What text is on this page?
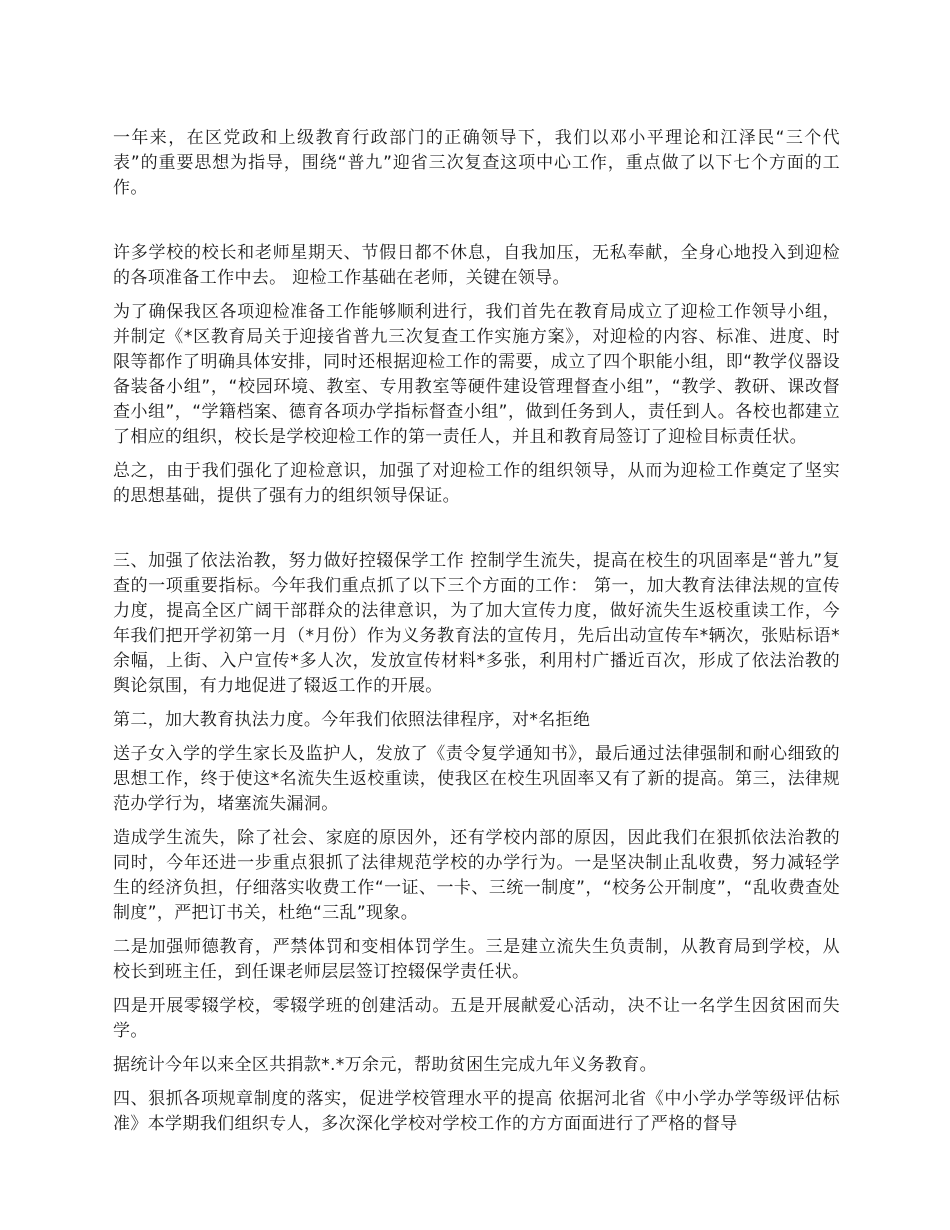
一年来，在区党政和上级教育行政部门的正确领导下，我们以邓小平理论和江泽民“三个代表”的重要思想为指导，围绕“普九”迎省三次复查这项中心工作，重点做了以下七个方面的工作。

许多学校的校长和老师星期天、节假日都不休息，自我加压，无私奉献，全身心地投入到迎检的各项准备工作中去。 迎检工作基础在老师，关键在领导。

为了确保我区各项迎检准备工作能够顺利进行，我们首先在教育局成立了迎检工作领导小组，并制定《*区教育局关于迎接省普九三次复查工作实施方案》，对迎检的内容、标准、进度、时限等都作了明确具体安排，同时还根据迎检工作的需要，成立了四个职能小组，即“教学仪器设备装备小组”，“校园环境、教室、专用教室等硬件建设管理督查小组”，“教学、教研、课改督查小组”，“学籍档案、德育各项办学指标督查小组”，做到任务到人，责任到人。各校也都建立了相应的组织，校长是学校迎检工作的第一责任人，并且和教育局签订了迎检目标责任状。

总之，由于我们强化了迎检意识，加强了对迎检工作的组织领导，从而为迎检工作奠定了坚实的思想基础，提供了强有力的组织领导保证。

三、加强了依法治教，努力做好控辍保学工作 控制学生流失，提高在校生的巩固率是“普九”复查的一项重要指标。今年我们重点抓了以下三个方面的工作： 第一，加大教育法律法规的宣传力度，提高全区广阔干部群众的法律意识，为了加大宣传力度，做好流失生返校重读工作，今年我们把开学初第一月（*月份）作为义务教育法的宣传月，先后出动宣传车*辆次，张贴标语*余幅，上街、入户宣传*多人次，发放宣传材料*多张，利用村广播近百次，形成了依法治教的舆论氛围，有力地促进了辍返工作的开展。

第二，加大教育执法力度。今年我们依照法律程序，对*名拒绝

送子女入学的学生家长及监护人，发放了《责令复学通知书》，最后通过法律强制和耐心细致的思想工作，终于使这*名流失生返校重读，使我区在校生巩固率又有了新的提高。第三，法律规范办学行为，堵塞流失漏洞。

造成学生流失，除了社会、家庭的原因外，还有学校内部的原因，因此我们在狠抓依法治教的同时，今年还进一步重点狠抓了法律规范学校的办学行为。一是坚决制止乱收费，努力减轻学生的经济负担，仔细落实收费工作“一证、一卡、三统一制度”，“校务公开制度”，“乱收费查处制度”，严把订书关，杜绝“三乱”现象。

二是加强师德教育，严禁体罚和变相体罚学生。三是建立流失生负责制，从教育局到学校，从校长到班主任，到任课老师层层签订控辍保学责任状。

四是开展零辍学校，零辍学班的创建活动。五是开展献爱心活动，决不让一名学生因贫困而失学。

据统计今年以来全区共捐款*.*万余元，帮助贫困生完成九年义务教育。

四、狠抓各项规章制度的落实，促进学校管理水平的提高 依据河北省《中小学办学等级评估标准》本学期我们组织专人，多次深化学校对学校工作的方方面面进行了严格的督导
